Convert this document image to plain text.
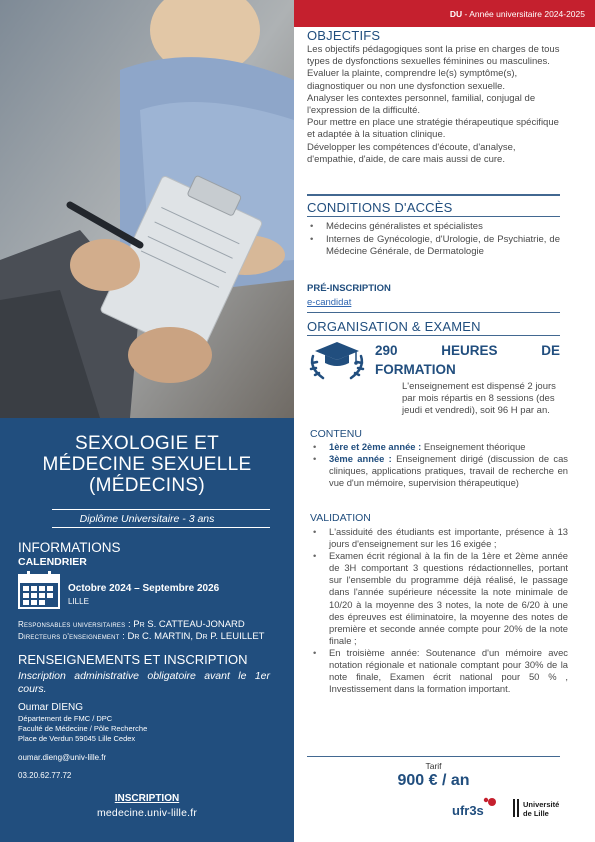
SEXOLOGIE ET
MÉDECINE SEXUELLE
(MÉDECINS)
Diplôme Universitaire - 3 ans
INFORMATIONS
CALENDRIER
Octobre 2024 – Septembre 2026
LILLE
Responsables universitaires : Pr S. CATTEAU-JONARD
Directeurs d'enseignement : Dr C. MARTIN, Dr P. LEUILLET
RENSEIGNEMENTS ET INSCRIPTION
Inscription administrative obligatoire avant le 1er cours.
Oumar DIENG
Département de FMC / DPC
Faculté de Médecine / Pôle Recherche
Place de Verdun 59045 Lille Cedex
oumar.dieng@univ-lille.fr
03.20.62.77.72
INSCRIPTION
medecine.univ-lille.fr
DU - Année universitaire 2024-2025
OBJECTIFS

Les objectifs pédagogiques sont la prise en charges de tous types de dysfonctions sexuelles féminines ou masculines.

Evaluer la plainte, comprendre le(s) symptôme(s), diagnostiquer ou non une dysfonction sexuelle.

Analyser les contextes personnel, familial, conjugal de l'expression de la difficulté.

Pour mettre en place une stratégie thérapeutique spécifique et adaptée à la situation clinique.

Développer les compétences d'écoute, d'analyse, d'empathie, d'aide, de care mais aussi de cure.

CONDITIONS D'ACCÈS
• Médecins généralistes et spécialistes
• Internes de Gynécologie, d'Urologie, de Psychiatrie, de Médecine Générale, de Dermatologie
PRÉ-INSCRIPTION
e-candidat
ORGANISATION & EXAMEN
290 HEURES DE
FORMATION
L'enseignement est dispensé 2 jours par mois répartis en 8 sessions (des jeudi et vendredi), soit 96 H par an.
CONTENU
• 1ère et 2ème année : Enseignement théorique
• 3ème année : Enseignement dirigé (discussion de cas cliniques, applications pratiques, travail de recherche en vue d'un mémoire, supervision thérapeutique)
VALIDATION
• L'assiduité des étudiants est importante, présence à 13 jours d'enseignement sur les 16 exigée ;
• Examen écrit régional à la fin de la 1ère et 2ème année de 3H comportant 3 questions rédactionnelles, portant sur l'ensemble du programme déjà réalisé, le passage dans l'année supérieure nécessite la note minimale de 10/20 à la moyenne des 3 notes, la note de 6/20 à une des épreuves est éliminatoire, la moyenne des notes de première et seconde année compte pour 20% de la note finale ;
• En troisième année: Soutenance d'un mémoire avec notation régionale et nationale comptant pour 30% de la note finale, Examen écrit national pour 50 % , Investissement dans la formation important.
Tarif
900 € / an
ufr3s	Université
de Lille
